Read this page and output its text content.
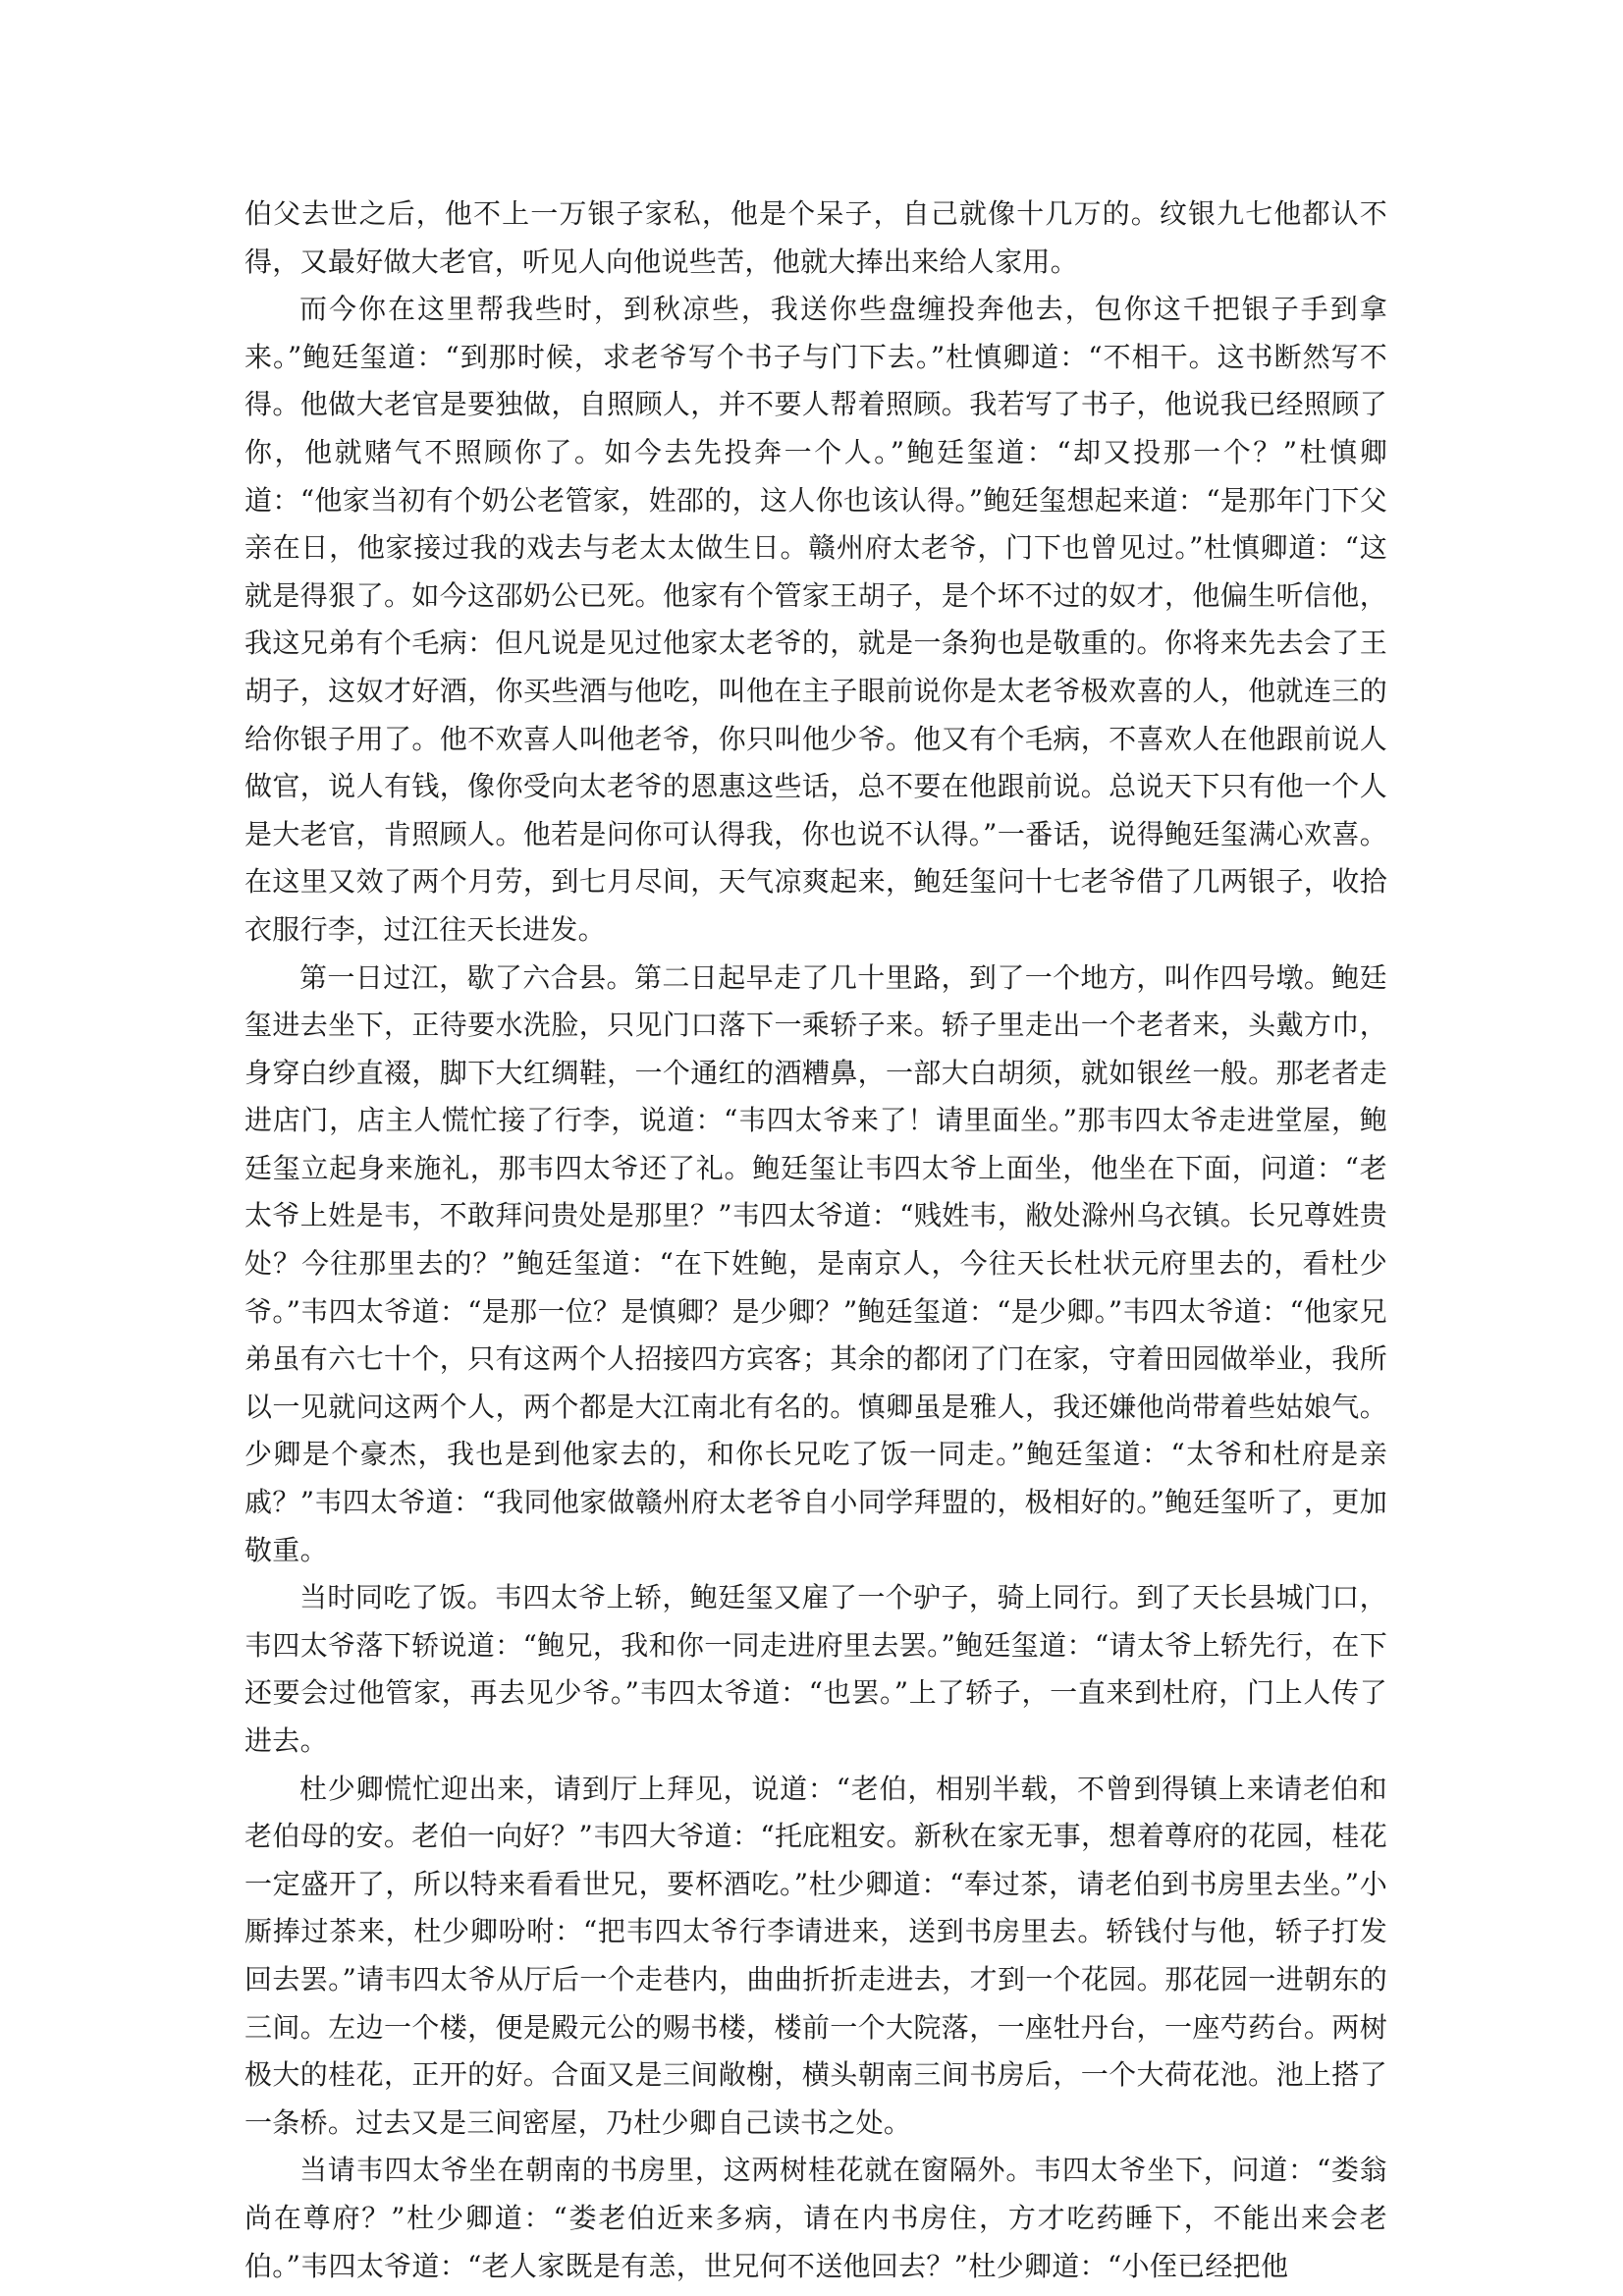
伯父去世之后，他不上一万银子家私，他是个呆子，自己就像十几万的。纹银九七他都认不得，又最好做大老官，听见人向他说些苦，他就大捧出来给人家用。

而今你在这里帮我些时，到秋凉些，我送你些盘缠投奔他去，包你这千把银子手到拿来。”鲍廷玺道：“到那时候，求老爷写个书子与门下去。”杜慎卿道：“不相干。这书断然写不得。他做大老官是要独做，自照顾人，并不要人帮着照顾。我若写了书子，他说我已经照顾了你，他就赌气不照顾你了。如今去先投奔一个人。”鲍廷玺道：“却又投那一个？”杜慎卿道：“他家当初有个奶公老管家，姓邵的，这人你也该认得。”鲍廷玺想起来道：“是那年门下父亲在日，他家接过我的戏去与老太太做生日。赣州府太老爷，门下也曾见过。”杜慎卿道：“这就是得狠了。如今这邵奶公已死。他家有个管家王胡子，是个坏不过的奴才，他偏生听信他，我这兄弟有个毛病：但凡说是见过他家太老爷的，就是一条狗也是敬重的。你将来先去会了王胡子，这奴才好酒，你买些酒与他吃，叫他在主子眼前说你是太老爷极欢喜的人，他就连三的给你银子用了。他不欢喜人叫他老爷，你只叫他少爷。他又有个毛病，不喜欢人在他跟前说人做官，说人有钱，像你受向太老爷的恩惠这些话，总不要在他跟前说。总说天下只有他一个人是大老官，肯照顾人。他若是问你可认得我，你也说不认得。”一番话，说得鲍廷玺满心欢喜。在这里又效了两个月劳，到七月尽间，天气凉爽起来，鲍廷玺问十七老爷借了几两银子，收拾衣服行李，过江往天长进发。

第一日过江，歇了六合县。第二日起早走了几十里路，到了一个地方，叫作四号墩。鲍廷玺进去坐下，正待要水洗脸，只见门口落下一乘轿子来。轿子里走出一个老者来，头戴方巾，身穿白纱直裰，脚下大红绸鞋，一个通红的酒糟鼻，一部大白胡须，就如银丝一般。那老者走进店门，店主人慌忙接了行李，说道：“韦四太爷来了！请里面坐。”那韦四太爷走进堂屋，鲍廷玺立起身来施礼，那韦四太爷还了礼。鲍廷玺让韦四太爷上面坐，他坐在下面，问道：“老太爷上姓是韦，不敢拜问贵处是那里？”韦四太爷道：“贱姓韦，敝处滁州乌衣镇。长兄尊姓贵处？今往那里去的？”鲍廷玺道：“在下姓鲍，是南京人，今往天长杜状元府里去的，看杜少爷。”韦四太爷道：“是那一位？是慎卿？是少卿？”鲍廷玺道：“是少卿。”韦四太爷道：“他家兄弟虽有六七十个，只有这两个人招接四方宾客；其余的都闭了门在家，守着田园做举业，我所以一见就问这两个人，两个都是大江南北有名的。慎卿虽是雅人，我还嫌他尚带着些姑娘气。少卿是个豪杰，我也是到他家去的，和你长兄吃了饭一同走。”鲍廷玺道：“太爷和杜府是亲戚？”韦四太爷道：“我同他家做赣州府太老爷自小同学拜盟的，极相好的。”鲍廷玺听了，更加敬重。

当时同吃了饭。韦四太爷上轿，鲍廷玺又雇了一个驴子，骑上同行。到了天长县城门口，韦四太爷落下轿说道：“鲍兄，我和你一同走进府里去罢。”鲍廷玺道：“请太爷上轿先行，在下还要会过他管家，再去见少爷。”韦四太爷道：“也罢。”上了轿子，一直来到杜府，门上人传了进去。

杜少卿慌忙迎出来，请到厅上拜见，说道：“老伯，相别半载，不曾到得镇上来请老伯和老伯母的安。老伯一向好？”韦四大爷道：“托庇粗安。新秋在家无事，想着尊府的花园，桂花一定盛开了，所以特来看看世兄，要杯酒吃。”杜少卿道：“奉过茶，请老伯到书房里去坐。”小厮捧过茶来，杜少卿吩咐：“把韦四太爷行李请进来，送到书房里去。轿钱付与他，轿子打发回去罢。”请韦四太爷从厅后一个走巷内，曲曲折折走进去，才到一个花园。那花园一进朝东的三间。左边一个楼，便是殿元公的赐书楼，楼前一个大院落，一座牡丹台，一座芍药台。两树极大的桂花，正开的好。合面又是三间敞榭，横头朝南三间书房后，一个大荷花池。池上搭了一条桥。过去又是三间密屋，乃杜少卿自己读书之处。

当请韦四太爷坐在朝南的书房里，这两树桂花就在窗隔外。韦四太爷坐下，问道：“娄翁尚在尊府？”杜少卿道：“娄老伯近来多病，请在内书房住，方才吃药睡下，不能出来会老伯。”韦四太爷道：“老人家既是有恙，世兄何不送他回去？”杜少卿道：“小侄已经把他
